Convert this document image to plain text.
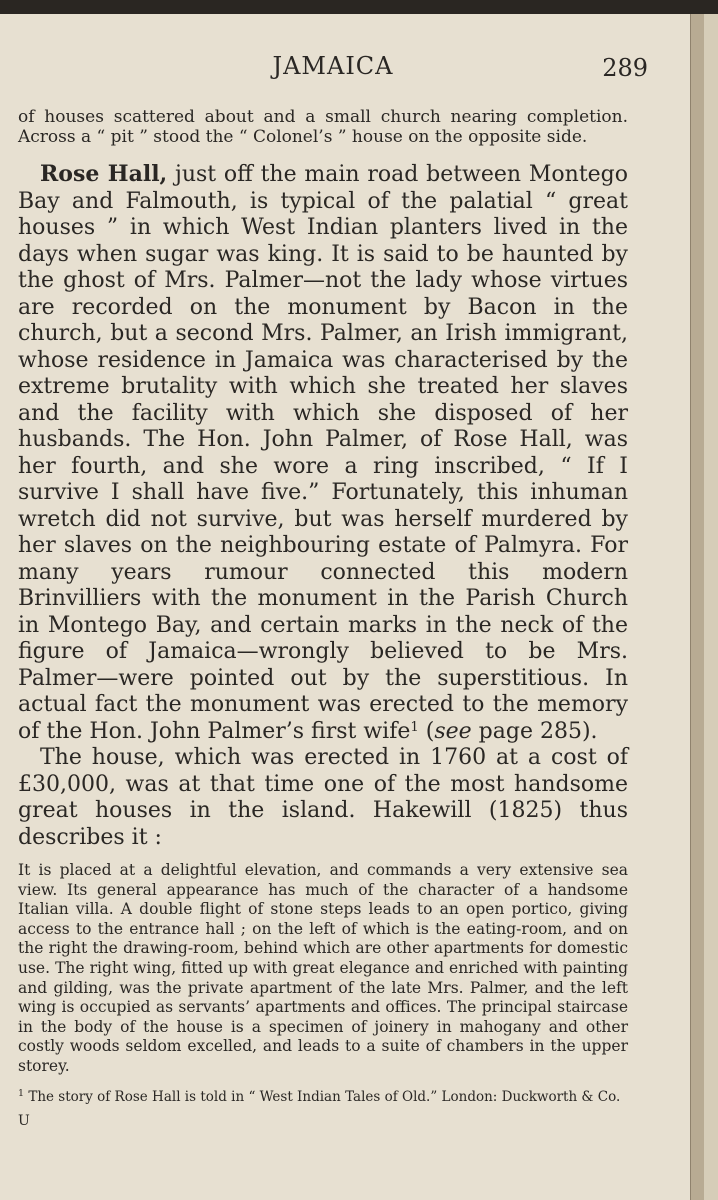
JAMAICA	289

of houses scattered about and a small church nearing completion. Across a “ pit ” stood the “ Colonel’s ” house on the opposite side.

Rose Hall, just off the main road between Montego Bay and Falmouth, is typical of the palatial “ great houses ” in which West Indian planters lived in the days when sugar was king. It is said to be haunted by the ghost of Mrs. Palmer—not the lady whose virtues are recorded on the monument by Bacon in the church, but a second Mrs. Palmer, an Irish immigrant, whose residence in Jamaica was characterised by the extreme brutality with which she treated her slaves and the facility with which she disposed of her husbands. The Hon. John Palmer, of Rose Hall, was her fourth, and she wore a ring inscribed, “ If I survive I shall have five.” Fortunately, this inhuman wretch did not survive, but was herself murdered by her slaves on the neighbouring estate of Palmyra. For many years rumour connected this modern Brinvilliers with the monument in the Parish Church in Montego Bay, and certain marks in the neck of the figure of Jamaica—wrongly believed to be Mrs. Palmer—were pointed out by the superstitious. In actual fact the monument was erected to the memory of the Hon. John Palmer’s first wife$^1$ (see page 285).

The house, which was erected in 1760 at a cost of £30,000, was at that time one of the most handsome great houses in the island. Hakewill (1825) thus describes it :

It is placed at a delightful elevation, and commands a very extensive sea view. Its general appearance has much of the character of a handsome Italian villa. A double flight of stone steps leads to an open portico, giving access to the entrance hall ; on the left of which is the eating-room, and on the right the drawing-room, behind which are other apartments for domestic use. The right wing, fitted up with great elegance and enriched with painting and gilding, was the private apartment of the late Mrs. Palmer, and the left wing is occupied as servants’ apartments and offices. The principal staircase in the body of the house is a specimen of joinery in mahogany and other costly woods seldom excelled, and leads to a suite of chambers in the upper storey.

$^1$ The story of Rose Hall is told in “ West Indian Tales of Old.” London: Duckworth & Co.

U
